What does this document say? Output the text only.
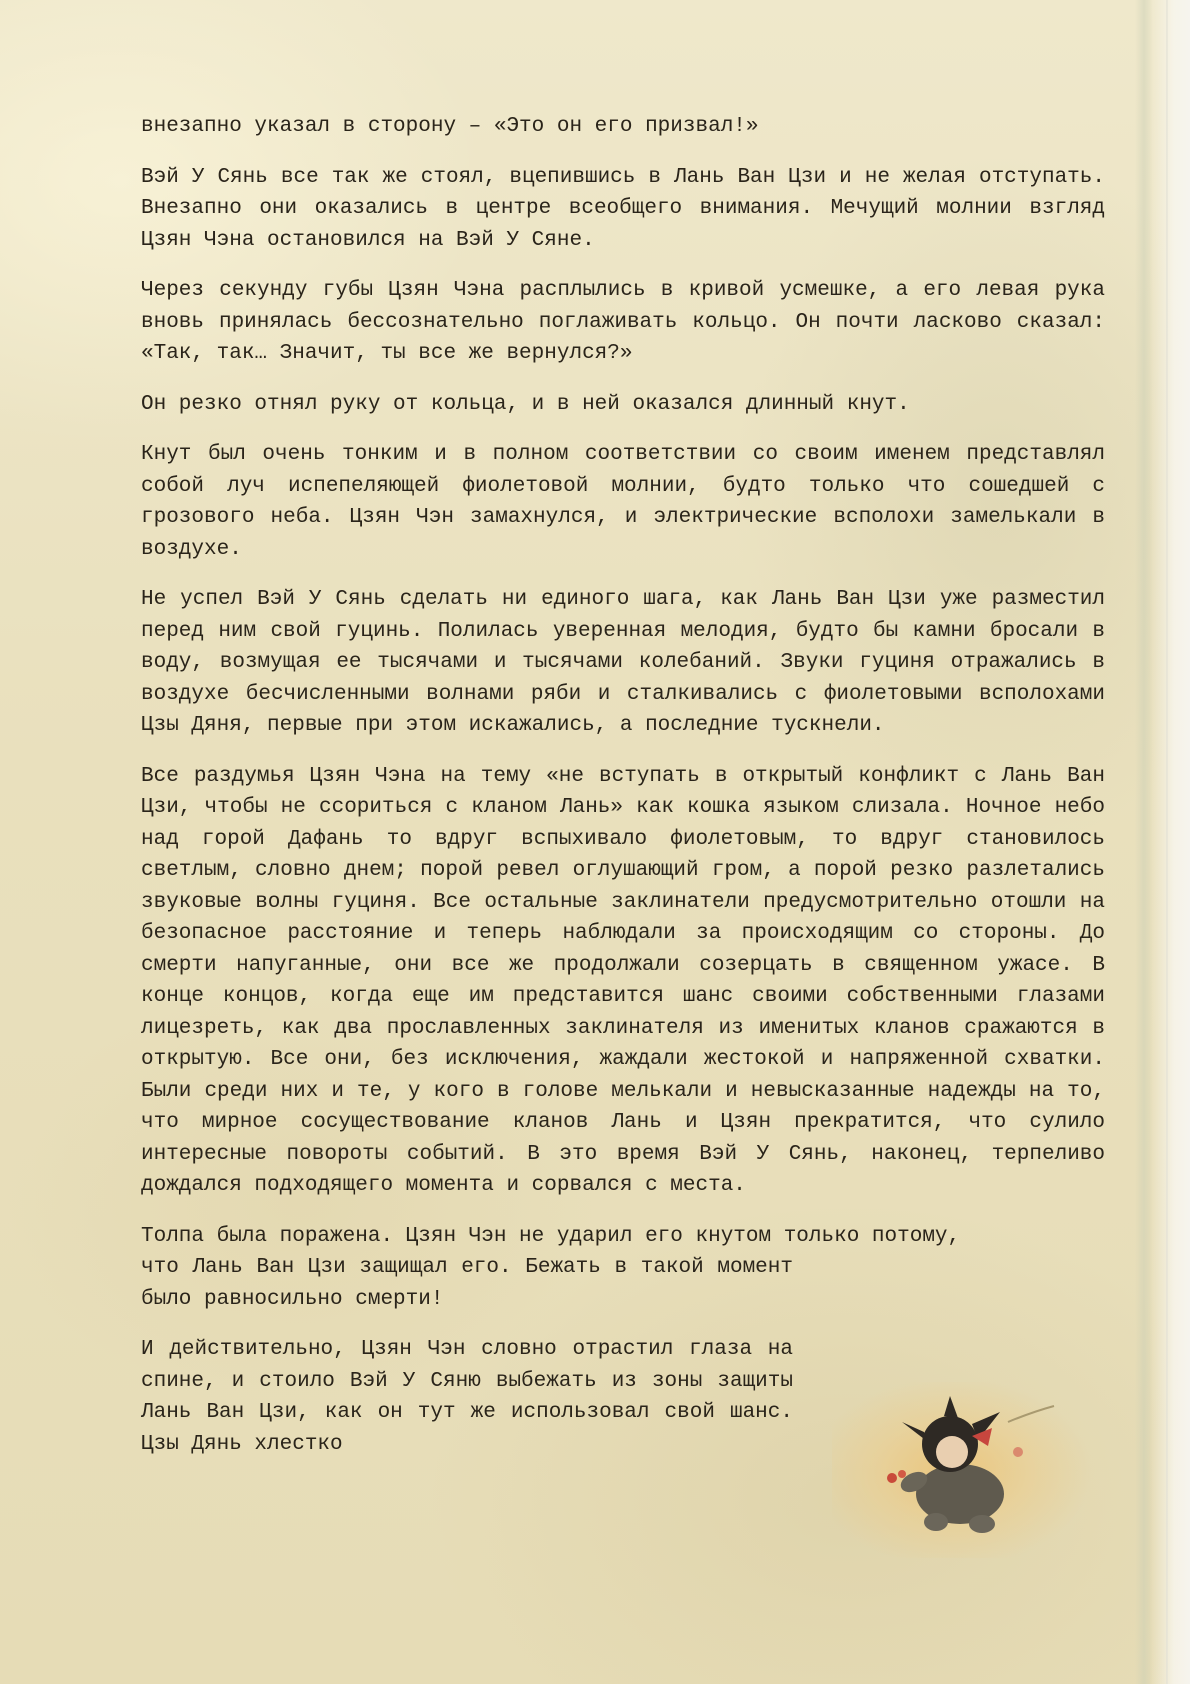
внезапно указал в сторону – «Это он его призвал!»

Вэй У Сянь все так же стоял, вцепившись в Лань Ван Цзи и не желая отступать. Внезапно они оказались в центре всеобщего внимания. Мечущий молнии взгляд Цзян Чэна остановился на Вэй У Сяне.

Через секунду губы Цзян Чэна расплылись в кривой усмешке, а его левая рука вновь принялась бессознательно поглаживать кольцо. Он почти ласково сказал: «Так, так… Значит, ты все же вернулся?»

Он резко отнял руку от кольца, и в ней оказался длинный кнут.

Кнут был очень тонким и в полном соответствии со своим именем представлял собой луч испепеляющей фиолетовой молнии, будто только что сошедшей с грозового неба. Цзян Чэн замахнулся, и электрические всполохи замелькали в воздухе.

Не успел Вэй У Сянь сделать ни единого шага, как Лань Ван Цзи уже разместил перед ним свой гуцинь. Полилась уверенная мелодия, будто бы камни бросали в воду, возмущая ее тысячами и тысячами колебаний. Звуки гуциня отражались в воздухе бесчисленными волнами ряби и сталкивались с фиолетовыми всполохами Цзы Дяня, первые при этом искажались, а последние тускнели.

Все раздумья Цзян Чэна на тему «не вступать в открытый конфликт с Лань Ван Цзи, чтобы не ссориться с кланом Лань» как кошка языком слизала. Ночное небо над горой Дафань то вдруг вспыхивало фиолетовым, то вдруг становилось светлым, словно днем; порой ревел оглушающий гром, а порой резко разлетались звуковые волны гуциня. Все остальные заклинатели предусмотрительно отошли на безопасное расстояние и теперь наблюдали за происходящим со стороны. До смерти напуганные, они все же продолжали созерцать в священном ужасе. В конце концов, когда еще им представится шанс своими собственными глазами лицезреть, как два прославленных заклинателя из именитых кланов сражаются в открытую. Все они, без исключения, жаждали жестокой и напряженной схватки. Были среди них и те, у кого в голове мелькали и невысказанные надежды на то, что мирное сосуществование кланов Лань и Цзян прекратится, что сулило интересные повороты событий. В это время Вэй У Сянь, наконец, терпеливо дождался подходящего момента и сорвался с места.

Толпа была поражена. Цзян Чэн не ударил его кнутом только потому,
что Лань Ван Цзи защищал его. Бежать в такой момент было равносильно смерти!

И действительно, Цзян Чэн словно отрастил глаза на спине, и стоило Вэй У Сяню выбежать из зоны защиты Лань Ван Цзи, как он тут же использовал свой шанс. Цзы Дянь хлестко
